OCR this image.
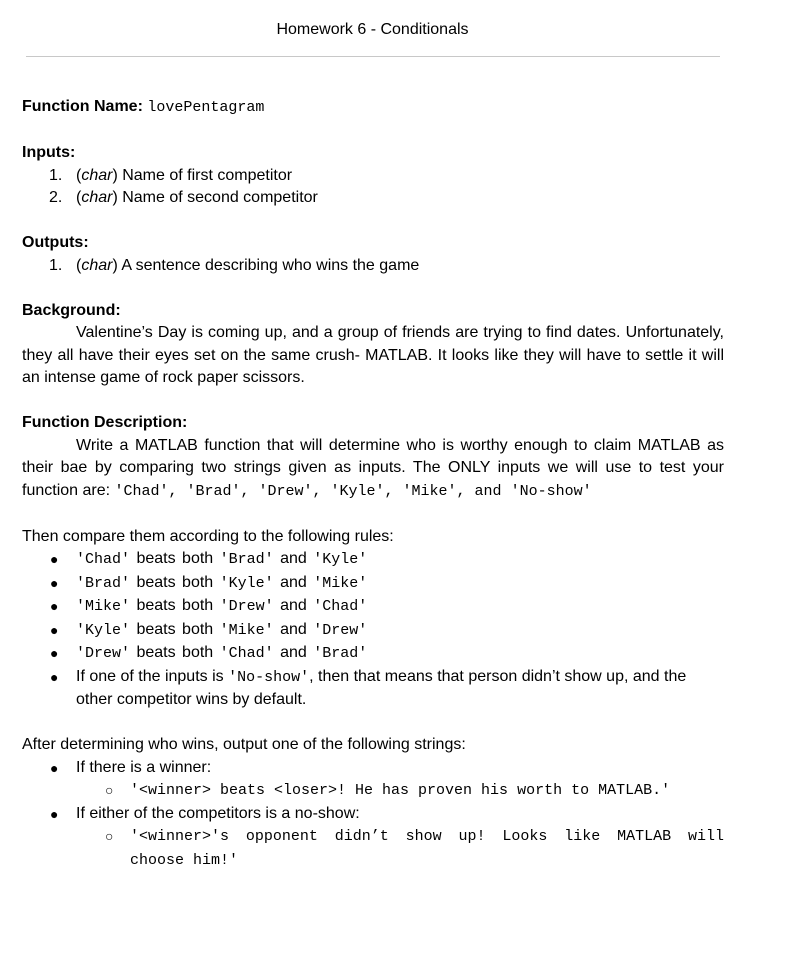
Homework 6 - Conditionals

Function Name: lovePentagram

Inputs:

1. (char) Name of first competitor
2. (char) Name of second competitor

Outputs:

1. (char) A sentence describing who wins the game

Background:

Valentine’s Day is coming up, and a group of friends are trying to find dates. Unfortunately, they all have their eyes set on the same crush- MATLAB. It looks like they will have to settle it will an intense game of rock paper scissors.

Function Description:

Write a MATLAB function that will determine who is worthy enough to claim MATLAB as their bae by comparing two strings given as inputs. The ONLY inputs we will use to test your function are: 'Chad', 'Brad', 'Drew', 'Kyle', 'Mike', and 'No-show'

Then compare them according to the following rules:

● 'Chad' beats both 'Brad' and 'Kyle'
● 'Brad' beats both 'Kyle' and 'Mike'
● 'Mike' beats both 'Drew' and 'Chad'
● 'Kyle' beats both 'Mike' and 'Drew'
● 'Drew' beats both 'Chad' and 'Brad'
● If one of the inputs is 'No-show', then that means that person didn’t show up, and the other competitor wins by default.

After determining who wins, output one of the following strings:

● If there is a winner:
○ '<winner> beats <loser>! He has proven his worth to MATLAB.'
● If either of the competitors is a no-show:
○ '<winner>'s opponent didn’t show up! Looks like MATLAB will choose him!'
